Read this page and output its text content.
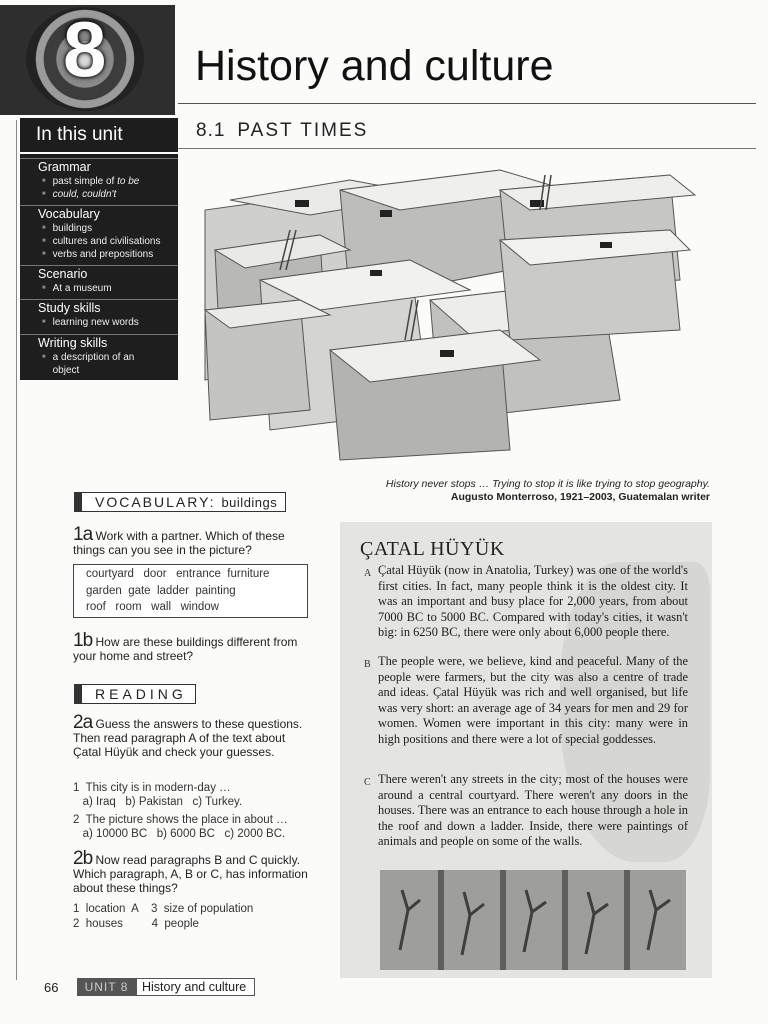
8 History and culture
In this unit	8.1 PAST TIMES
Grammar
■ past simple of to be
■ could, couldn't
Vocabulary
■ buildings
■ cultures and civilisations
■ verbs and prepositions
Scenario
■ At a museum
Study skills
■ learning new words
Writing skills
■ a description of an
object
History never stops … Trying to stop it is like trying to stop geography.
Augusto Monterroso, 1921–2003, Guatemalan writer
VOCABULARY: buildings
1a Work with a partner. Which of these things can you see in the picture?
courtyard   door   entrance  furniture
garden  gate  ladder  painting
roof   room   wall   window
1b How are these buildings different from your home and street?
READING
2a Guess the answers to these questions. Then read paragraph A of the text about Çatal Hüyük and check your guesses.
1  This city is in modern-day …
a) Iraq   b) Pakistan   c) Turkey.
2  The picture shows the place in about …
a) 10000 BC   b) 6000 BC   c) 2000 BC.
2b Now read paragraphs B and C quickly. Which paragraph, A, B or C, has information about these things?
1  location  A    3  size of population
2  houses         4  people
ÇATAL HÜYÜK
A Çatal Hüyük (now in Anatolia, Turkey) was one of the world's first cities. In fact, many people think it is the oldest city. It was an important and busy place for 2,000 years, from about 7000 BC to 5000 BC. Compared with today's cities, it wasn't big: in 6250 BC, there were only about 6,000 people there.
B The people were, we believe, kind and peaceful. Many of the people were farmers, but the city was also a centre of trade and ideas. Çatal Hüyük was rich and well organised, but life was very short: an average age of 34 years for men and 29 for women. Women were important in this city: many were in high positions and there were a lot of special goddesses.
C There weren't any streets in the city; most of the houses were around a central courtyard. There weren't any doors in the houses. There was an entrance to each house through a hole in the roof and down a ladder. Inside, there were paintings of animals and people on some of the walls.
66	UNIT 8	History and culture
